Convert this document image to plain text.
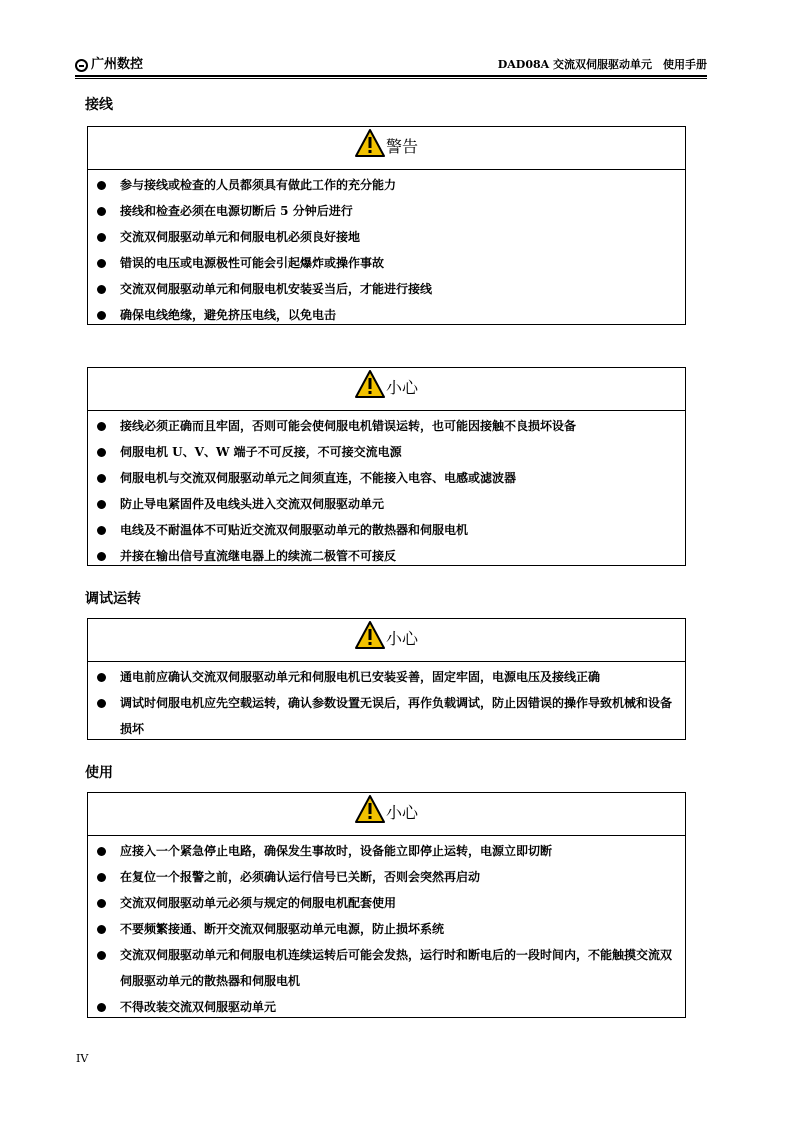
广州数控	DAD08A 交流双伺服驱动单元　使用手册
接线
警告
参与接线或检查的人员都须具有做此工作的充分能力
接线和检查必须在电源切断后 5 分钟后进行
交流双伺服驱动单元和伺服电机必须良好接地
错误的电压或电源极性可能会引起爆炸或操作事故
交流双伺服驱动单元和伺服电机安装妥当后，才能进行接线
确保电线绝缘，避免挤压电线，以免电击
小心
接线必须正确而且牢固，否则可能会使伺服电机错误运转，也可能因接触不良损坏设备
伺服电机 U、V、W 端子不可反接，不可接交流电源
伺服电机与交流双伺服驱动单元之间须直连，不能接入电容、电感或滤波器
防止导电紧固件及电线头进入交流双伺服驱动单元
电线及不耐温体不可贴近交流双伺服驱动单元的散热器和伺服电机
并接在输出信号直流继电器上的续流二极管不可接反
调试运转
小心
通电前应确认交流双伺服驱动单元和伺服电机已安装妥善，固定牢固，电源电压及接线正确
调试时伺服电机应先空载运转，确认参数设置无误后，再作负载调试，防止因错误的操作导致机械和设备损坏
使用
小心
应接入一个紧急停止电路，确保发生事故时，设备能立即停止运转，电源立即切断
在复位一个报警之前，必须确认运行信号已关断，否则会突然再启动
交流双伺服驱动单元必须与规定的伺服电机配套使用
不要频繁接通、断开交流双伺服驱动单元电源，防止损坏系统
交流双伺服驱动单元和伺服电机连续运转后可能会发热，运行时和断电后的一段时间内，不能触摸交流双伺服驱动单元的散热器和伺服电机
不得改装交流双伺服驱动单元
IV
